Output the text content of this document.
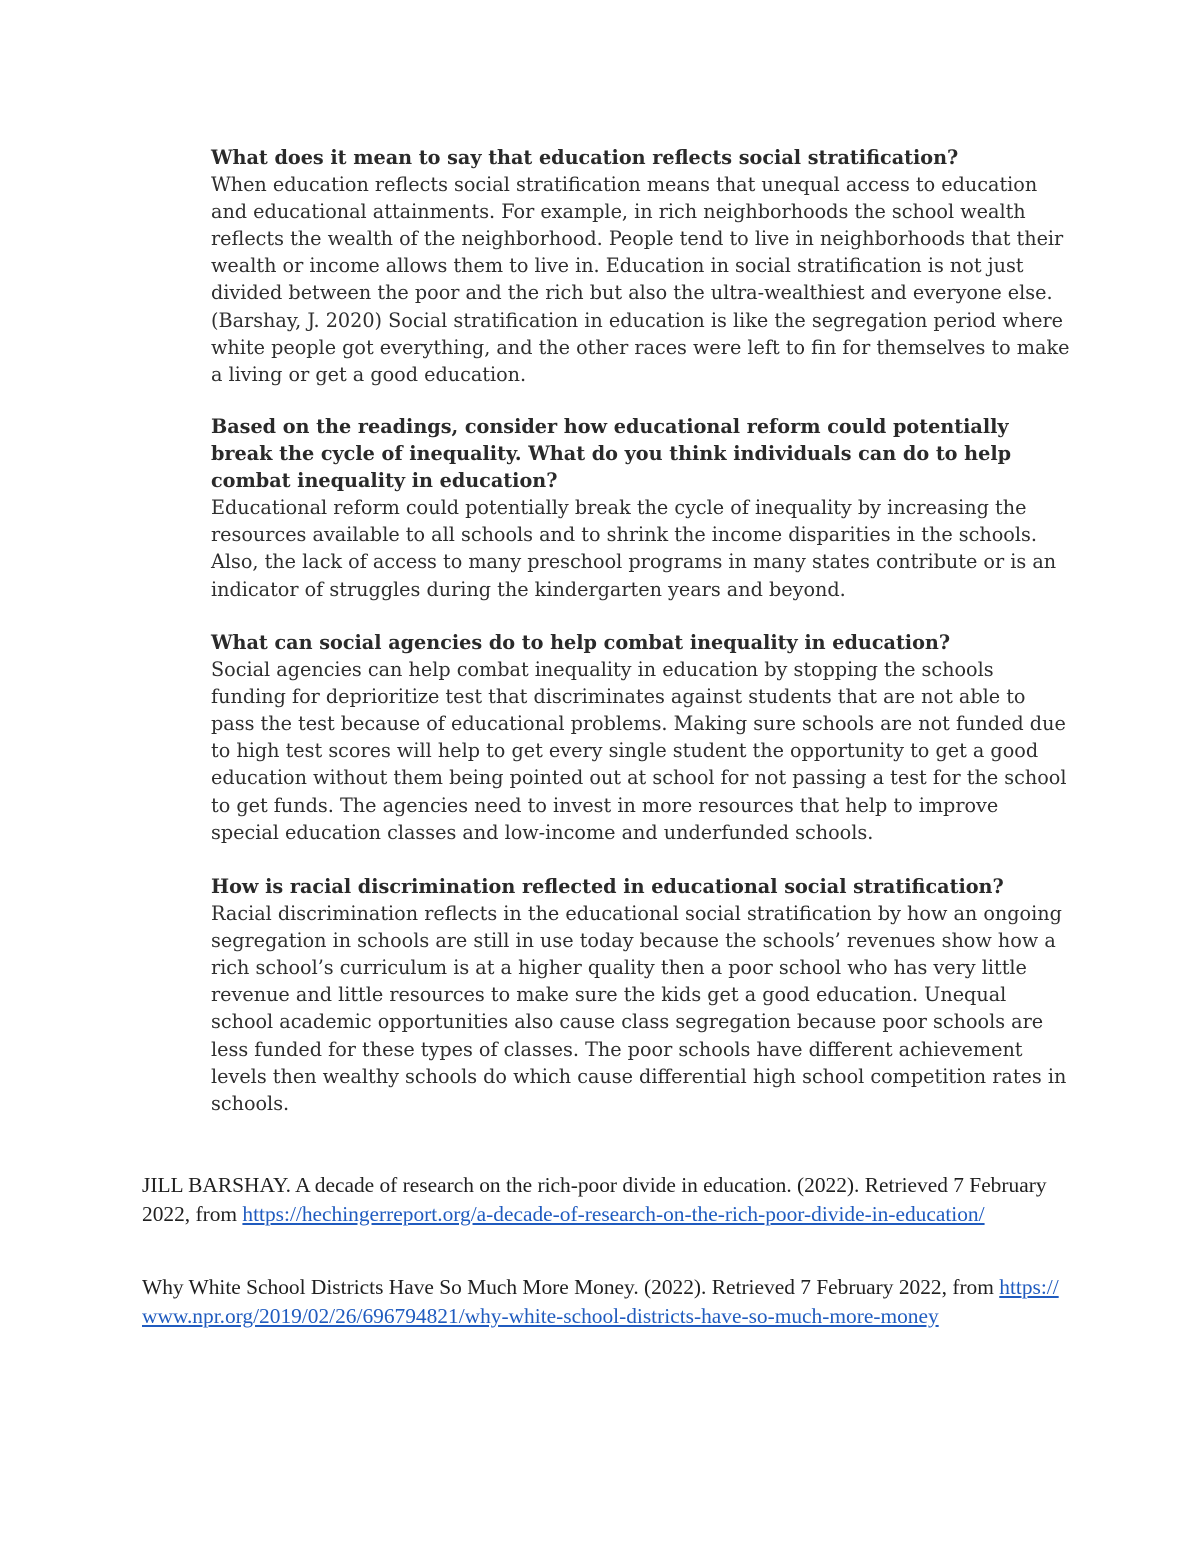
What does it mean to say that education reflects social stratification?

When education reflects social stratification means that unequal access to education and educational attainments. For example, in rich neighborhoods the school wealth reflects the wealth of the neighborhood. People tend to live in neighborhoods that their wealth or income allows them to live in. Education in social stratification is not just divided between the poor and the rich but also the ultra-wealthiest and everyone else. (Barshay, J. 2020) Social stratification in education is like the segregation period where white people got everything, and the other races were left to fin for themselves to make a living or get a good education.

Based on the readings, consider how educational reform could potentially break the cycle of inequality. What do you think individuals can do to help combat inequality in education?

Educational reform could potentially break the cycle of inequality by increasing the resources available to all schools and to shrink the income disparities in the schools. Also, the lack of access to many preschool programs in many states contribute or is an indicator of struggles during the kindergarten years and beyond.

What can social agencies do to help combat inequality in education?

Social agencies can help combat inequality in education by stopping the schools funding for deprioritize test that discriminates against students that are not able to pass the test because of educational problems. Making sure schools are not funded due to high test scores will help to get every single student the opportunity to get a good education without them being pointed out at school for not passing a test for the school to get funds. The agencies need to invest in more resources that help to improve special education classes and low-income and underfunded schools.

How is racial discrimination reflected in educational social stratification?

Racial discrimination reflects in the educational social stratification by how an ongoing segregation in schools are still in use today because the schools’ revenues show how a rich school’s curriculum is at a higher quality then a poor school who has very little revenue and little resources to make sure the kids get a good education. Unequal school academic opportunities also cause class segregation because poor schools are less funded for these types of classes. The poor schools have different achievement levels then wealthy schools do which cause differential high school competition rates in schools.

JILL BARSHAY. A decade of research on the rich-poor divide in education. (2022). Retrieved 7 February 2022, from https://hechingerreport.org/a-decade-of-research-on-the-rich-poor-divide-in-education/

Why White School Districts Have So Much More Money. (2022). Retrieved 7 February 2022, from https://www.npr.org/2019/02/26/696794821/why-white-school-districts-have-so-much-more-money
